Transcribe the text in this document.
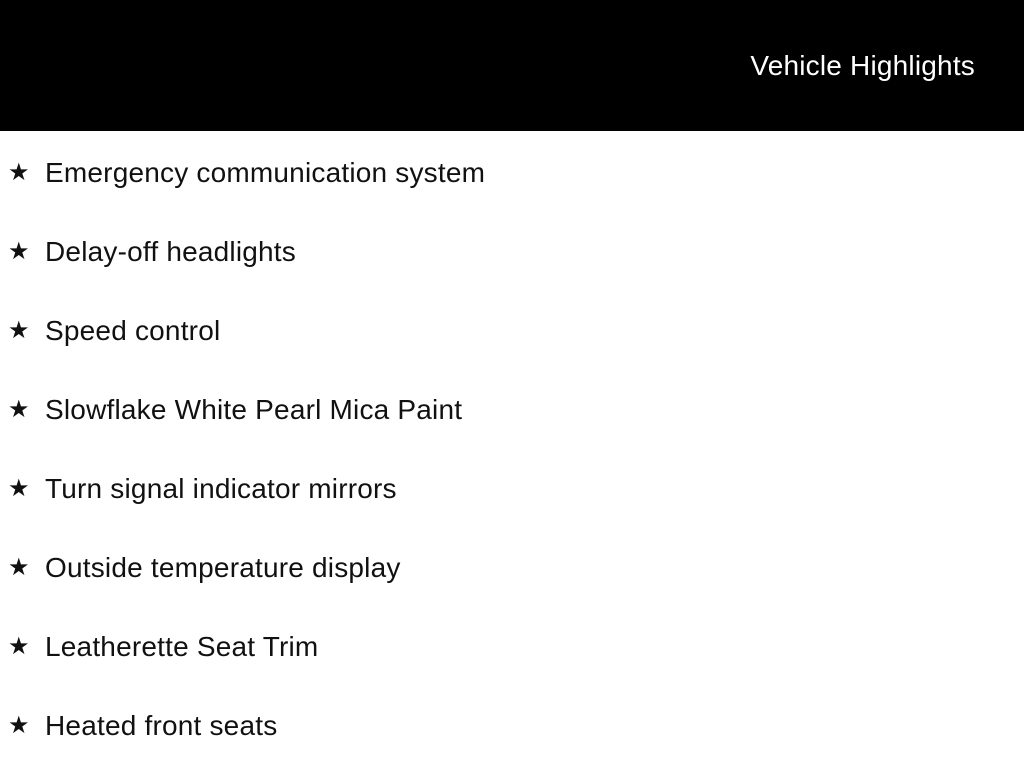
Vehicle Highlights
★ Emergency communication system
★ Delay-off headlights
★ Speed control
★ Slowflake White Pearl Mica Paint
★ Turn signal indicator mirrors
★ Outside temperature display
★ Leatherette Seat Trim
★ Heated front seats
